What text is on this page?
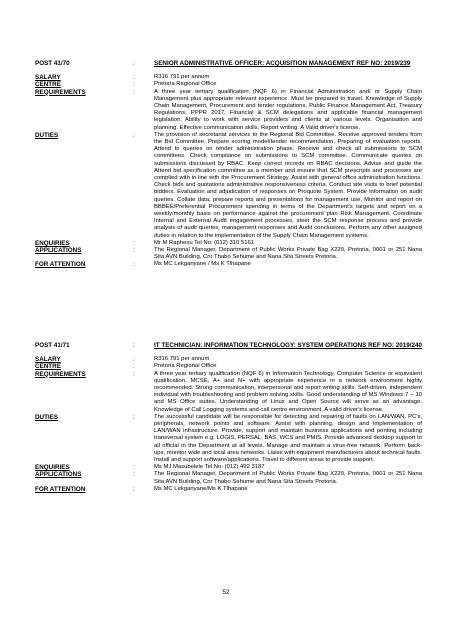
POST 41/70	:	SENIOR ADMINISTRATIVE OFFICER: ACQUISITION MANAGEMENT REF NO: 2019/239
SALARY	:	R316 791 per annum
CENTRE	:	Pretoria Regional Office
REQUIREMENTS	:	A three year tertiary qualification (NQF 6) in Financial Administration and/ or Supply Chain Management plus appropriate relevant experience. Must be prepared to travel. Knowledge of Supply Chain Management, Procurement and tender regulations, Public Finance Management Act, Treasury Regulations, PPPR 2017, Financial & SCM delegations and applicable financial management legislation. Ability to work with service providers and clients at various levels. Organisation and planning. Effective communication skills. Report writing. A Valid driver's license.
DUTIES	:	The provision of secretariat services to the Regional Bid Committee. Receive approved tenders from the Bid Committee. Prepare scoring model/tender recommendation. Preparing of evaluation reports. Attend to queries on tender administration phase. Receive and check all submissions to SCM committees. Check compliance on submissions to SCM committee. Communicate queries on submissions discussed by RBAC. Keep correct records on RBAC decisions. Advise and guide the Attend bid specification committee as a member and ensure that SCM prescripts and processes are complied with in line with the Procurement Strategy. Assist with general office administration functions. Check bids and quotations administrative responsiveness criteria. Conduct site visits to brief potential bidders. Evaluation and adjudication of responses on Proquote System. Provide information on audit queries. Collate data; prepare reports and presentations for management use, Monitor and report on BBBEE/Preferential Procurement spending in terms of the Department's targets and report on a weekly/monthly basis on performance against the procurement plan Risk Management. Coordinate Internal and External Audit engagement processes, steer the SCM response process and provide analysis of audit queries, management responses and Audit conclusions. Perform any other assigned duties in relation to the implementation of the Supply Chain Management systems.
ENQUIRIES	:	Mr M Raphesu Tel No: (012) 310 5161
APPLICATIONS	:	The Regional Manager, Department of Public Works Private Bag X229, Pretoria, 0001 or 251 Nana Sita AVN Building, Cnr Thabo Sehume and Nana Sita Streets Pretoria.
FOR ATTENTION	:	Ms MC Lekganyane / Ms K Tlhapane
POST 41/71	:	IT TECHNICIAN: INFORMATION TECHNOLOGY: SYSTEM OPERATIONS REF NO: 2019/240
SALARY	:	R316 791 per annum
CENTRE	:	Pretoria Regional Office
REQUIREMENTS	:	A three year tertiary qualification (NQF 6) in Information Technology, Computer Science or equivalent qualification. MCSE, A+ and N+ with appropriate experience in a network environment highly recommended. Strong communication, interpersonal and report writing skills. Self-driven, independent individual with troubleshooting and problem solving skills. Good understanding of MS Windows 7 – 10 and MS Office suites. Understanding of Linux and Open Source will serve as an advantage. Knowledge of Call Logging systems and call centre environment. A valid driver's license.
DUTIES	:	The successful candidate will be responsible for detecting and repairing of faults on LAN/WAN, PC's, peripherals, network points and software. Assist with planning, design and implementation of LAN/WAN infrastructure. Provide, support and maintain business applications and printing including transversal system e.g. LOGIS, PERSAL, BAS, WCS and PMIS. Provide advanced desktop support to all official in the Department at all levels. Manage and maintain a virus-free network. Perform back-ups, monitor wide and local area networks. Liaise with equipment manufacturers about technical faults. Install and support software/applications. Travel to different areas to provide support.
ENQUIRIES	:	Ms MJ Masubelele Tel No: (012) 492 3187
APPLICATIONS	:	The Regional Manager, Department of Public Works Private Bag X229, Pretoria, 0001 or 251 Nana Sita AVN Building, Cnr Thabo Sehume and Nana Sita Streets Pretoria.
FOR ATTENTION	:	Ms MC Lekganyane/Ms K Tlhapane
52
